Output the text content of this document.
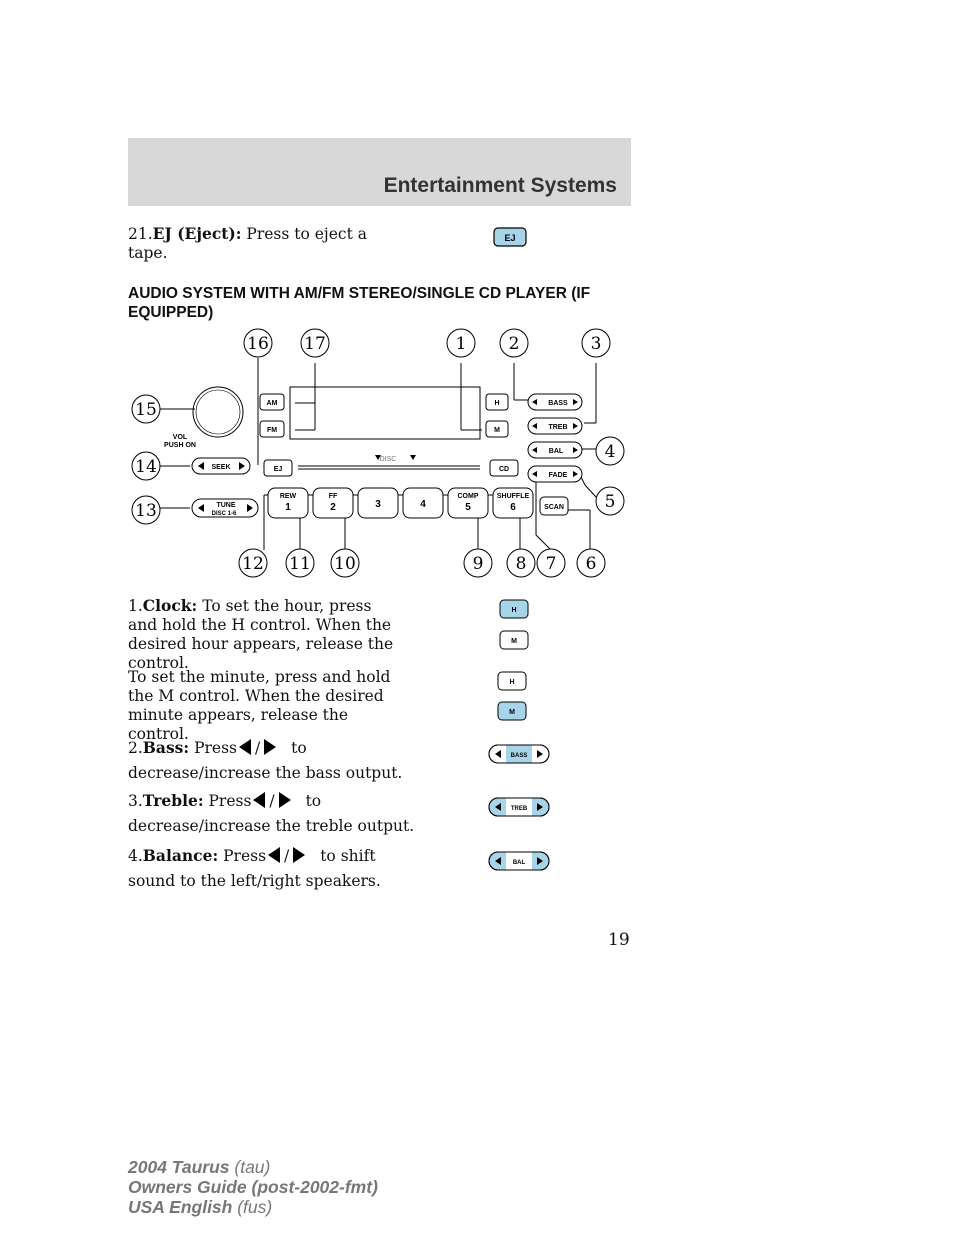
Entertainment Systems
21.EJ (Eject): Press to eject a tape.
EJ
AUDIO SYSTEM WITH AM/FM STEREO/SINGLE CD PLAYER (IF EQUIPPED)
AM
FM
H
M
BASS
TREB
BAL
FADE
CD
EJ
SEEK
TUNE
DISC 1-6
REW	FF	COMP	SHUFFLE
SCAN
VOL
PUSH ON
DISC
1	2	3	4	5	6
16 17	1 2	3
15
4
14
5
13
12 11 10	9 8 7 6
1.Clock: To set the hour, press and hold the H control. When the desired hour appears, release the control.
To set the minute, press and hold the M control. When the desired minute appears, release the control.
H
M
H
M
2.Bass: Press / to
decrease/increase the bass output.
BASS
3.Treble: Press / to
decrease/increase the treble output.
TREB
4.Balance: Press / to shift
sound to the left/right speakers.
BAL
19
2004 Taurus (tau)
Owners Guide (post-2002-fmt)
USA English (fus)
